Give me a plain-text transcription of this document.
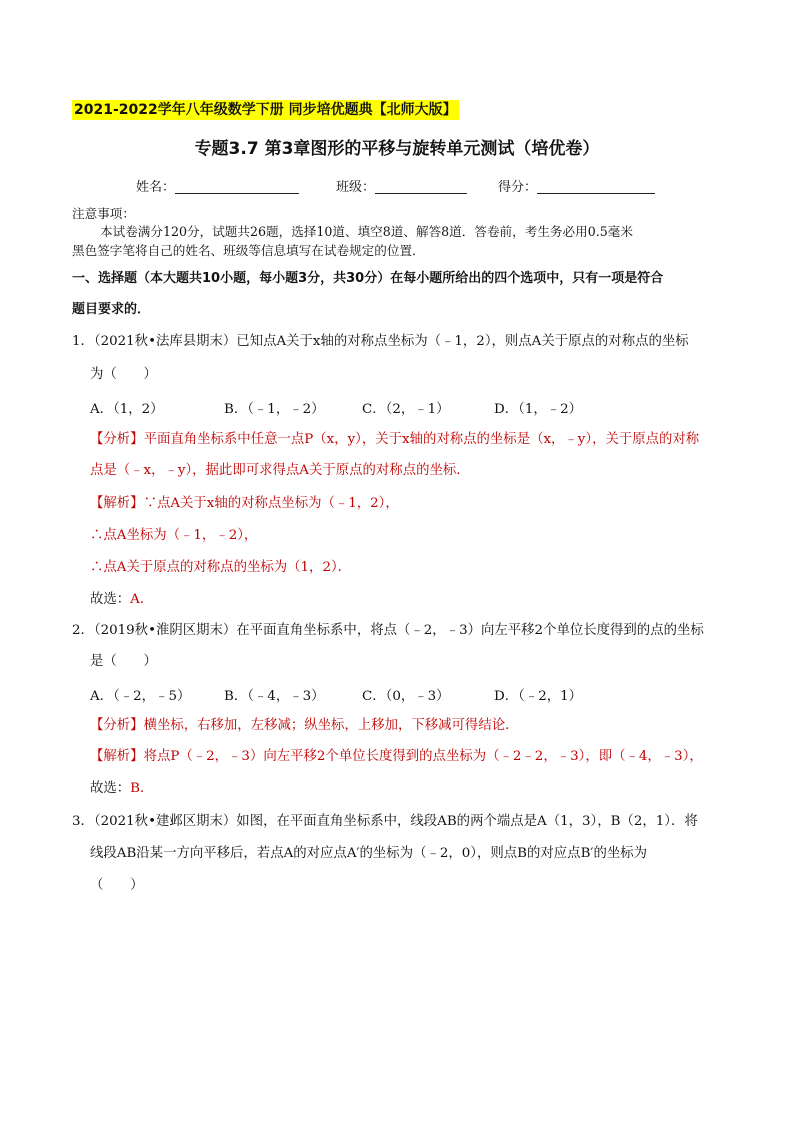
2021-2022学年八年级数学下册 同步培优题典【北师大版】
专题3.7 第3章图形的平移与旋转单元测试（培优卷）
姓名：	班级：	得分：
注意事项：
本试卷满分120分，试题共26题，选择10道、填空8道、解答8道．答卷前，考生务必用0.5毫米
黑色签字笔将自己的姓名、班级等信息填写在试卷规定的位置．
一、选择题（本大题共10小题，每小题3分，共30分）在每小题所给出的四个选项中，只有一项是符合
题目要求的．
1．（2021秋•法库县期末）已知点A关于x轴的对称点坐标为（﹣1，2），则点A关于原点的对称点的坐标
为（　　）
A．（1，2）	B．（﹣1，﹣2）	C．（2，﹣1）	D．（1，﹣2）
【分析】平面直角坐标系中任意一点P（x，y），关于x轴的对称点的坐标是（x，﹣y），关于原点的对称
点是（﹣x，﹣y），据此即可求得点A关于原点的对称点的坐标．
【解析】∵点A关于x轴的对称点坐标为（﹣1，2），
∴点A坐标为（﹣1，﹣2），
∴点A关于原点的对称点的坐标为（1，2）．
故选：A．
2．（2019秋•淮阴区期末）在平面直角坐标系中，将点（﹣2，﹣3）向左平移2个单位长度得到的点的坐标
是（　　）
A．（﹣2，﹣5）	B．（﹣4，﹣3）	C．（0，﹣3）	D．（﹣2，1）
【分析】横坐标，右移加，左移减；纵坐标，上移加，下移减可得结论．
【解析】将点P（﹣2，﹣3）向左平移2个单位长度得到的点坐标为（﹣2﹣2，﹣3），即（﹣4，﹣3），
故选：B．
3．（2021秋•建邺区期末）如图，在平面直角坐标系中，线段AB的两个端点是A（1，3），B（2，1）．将
线段AB沿某一方向平移后，若点A的对应点A′的坐标为（﹣2，0），则点B的对应点B′的坐标为
（　　）
